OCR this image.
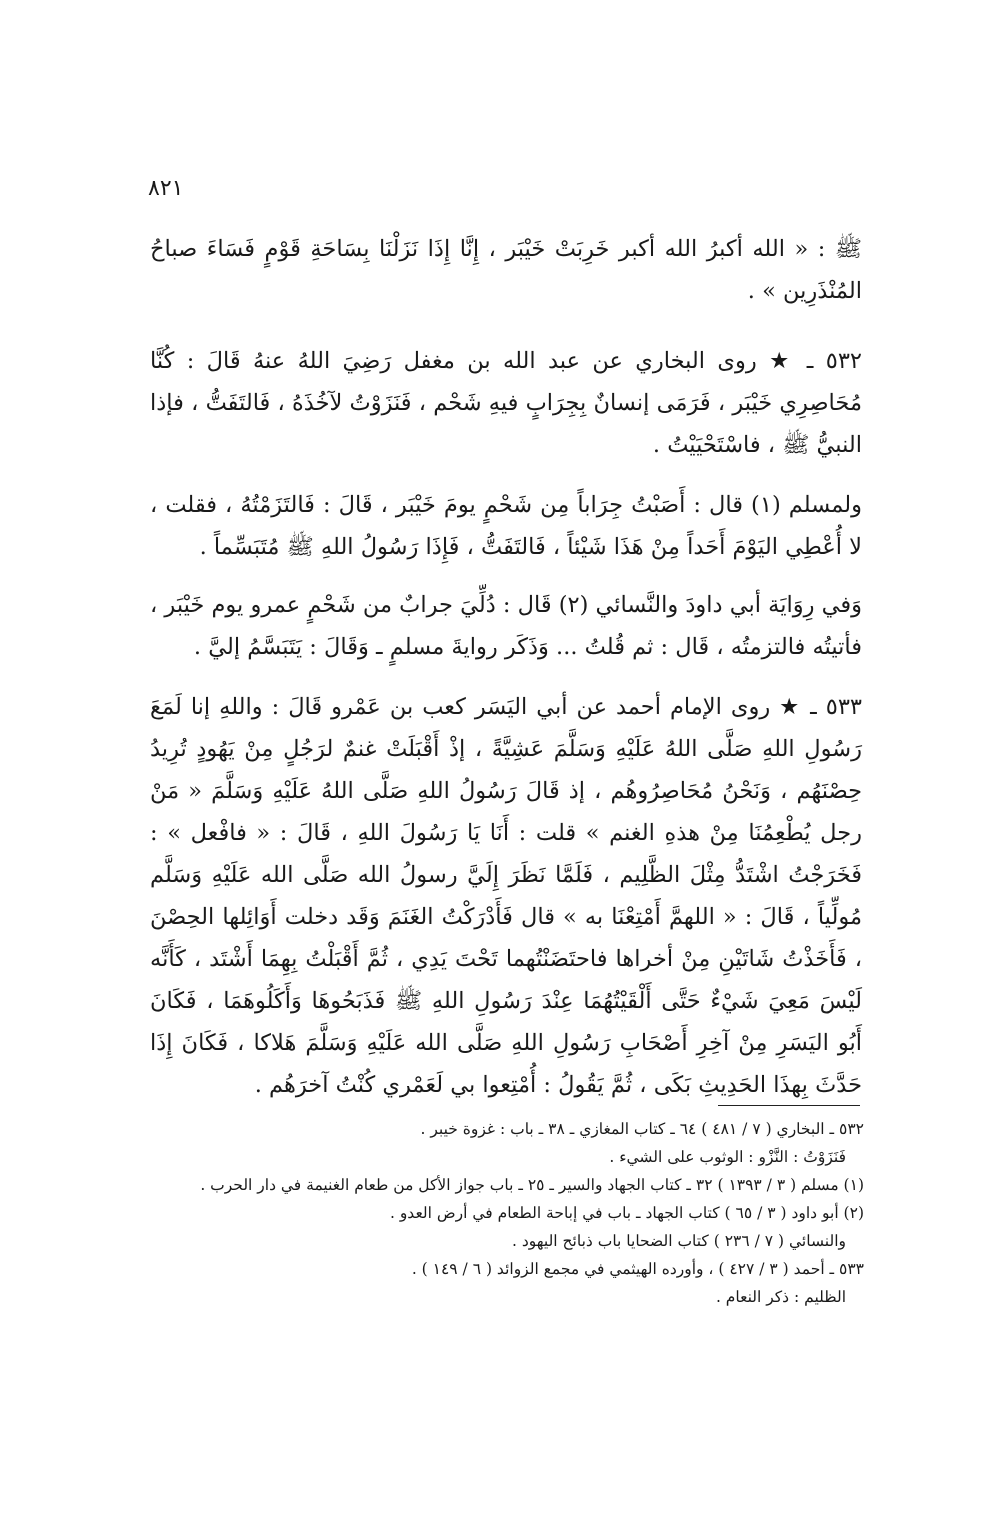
٨٢١

ﷺ : « الله أكبرُ الله أكبر خَرِبَتْ خَيْبَر ، إِنَّا إِذَا نَزَلْنَا بِسَاحَةِ قَوْمٍ فَسَاءَ صباحُ المُنْذَرِين » .

٥٣٢ ـ ★ روى البخاري عن عبد الله بن مغفل رَضِيَ اللهُ عنهُ قَالَ : كُنَّا مُحَاصِرِي خَيْبَر ، فَرَمَى إنسانٌ بِجِرَابٍ فيهِ شَحْم ، فَنَزَوْتُ لآخُذَهُ ، فَالتَفَتُّ ، فإذا النبيُّ ﷺ ، فاسْتَحْيَيْتُ .

ولمسلم (١) قال : أَصَبْتُ جِرَاباً مِن شَحْمٍ يومَ خَيْبَر ، قَالَ : فَالتَزَمْتُهُ ، فقلت ، لا أُعْطِي اليَوْمَ أَحَداً مِنْ هَذَا شَيْئاً ، فَالتَفَتُّ ، فَإِذَا رَسُولُ اللهِ ﷺ مُتَبَسِّماً .

وَفي رِوَايَة أبي داودَ والنَّسائي (٢) قَال : دُلِّيَ جرابٌ من شَحْمٍ عمرو يوم خَيْبَر ، فأتيتُه فالتزمتُه ، قَال : ثم قُلتُ ... وَذَكَر روايةَ مسلمٍ ـ وَقَالَ : يَتَبَسَّمُ إليَّ .

٥٣٣ ـ ★ روى الإمام أحمد عن أبي اليَسَر كعب بن عَمْرو قَالَ : واللهِ إنا لَمَعَ رَسُولِ اللهِ صَلَّى اللهُ عَلَيْهِ وَسَلَّمَ عَشِيَّةً ، إذْ أَقْبَلَتْ غنمٌ لرَجُلٍ مِنْ يَهُودٍ تُرِيدُ حِصْنَهُم ، وَنَحْنُ مُحَاصِرُوهُم ، إذ قَالَ رَسُولُ اللهِ صَلَّى اللهُ عَلَيْهِ وَسَلَّمَ « مَنْ رجل يُطْعِمُنَا مِنْ هذهِ الغنم » قلت : أَنَا يَا رَسُولَ اللهِ ، قَالَ : « فافْعل » : فَخَرَجْتُ اشْتَدُّ مِثْلَ الظَّلِيم ، فَلَمَّا نَظَرَ إِلَيَّ رسولُ الله صَلَّى الله عَلَيْهِ وَسَلَّم مُولِّياً ، قَالَ : « اللهمَّ أَمْتِعْنَا به » قال فَأَدْرَكْتُ الغَنَمَ وَقَد دخلت أَوَائِلها الحِصْنَ ، فَأَخَذْتُ شَاتَيْنِ مِنْ أخراها فاحتَضَنْتُهما تَحْتَ يَدِي ، ثُمَّ أَقْبَلْتُ بِهِمَا أَشْتَد ، كَأَنَّه لَيْسَ مَعِيَ شَيْءٌ حَتَّى أَلْقَيْتُهُمَا عِنْدَ رَسُولِ اللهِ ﷺ فَذَبَحُوهَا وَأَكَلُوهَمَا ، فَكَانَ أَبُو اليَسَرِ مِنْ آخِرِ أَصْحَابِ رَسُولِ اللهِ صَلَّى الله عَلَيْهِ وَسَلَّمَ هَلاكا ، فَكَانَ إِذَا حَدَّثَ بِهذَا الحَدِيثِ بَكَى ، ثُمَّ يَقُولُ : أُمْتِعوا بي لَعَمْري كُنْتُ آخرَهُم .

٥٣٢ ـ البخاري ( ٧ / ٤٨١ ) ٦٤ ـ كتاب المغازي ـ ٣٨ ـ باب : غزوة خيبر .
فَنَزَوْتُ : النَّزْو : الوثوب على الشيء .
(١) مسلم ( ٣ / ١٣٩٣ ) ٣٢ ـ كتاب الجهاد والسير ـ ٢٥ ـ باب جواز الأكل من طعام الغنيمة في دار الحرب .
(٢) أبو داود ( ٣ / ٦٥ ) كتاب الجهاد ـ باب في إباحة الطعام في أرض العدو .
والنسائي ( ٧ / ٢٣٦ ) كتاب الضحايا باب ذبائح اليهود .
٥٣٣ ـ أحمد ( ٣ / ٤٢٧ ) ، وأورده الهيثمي في مجمع الزوائد ( ٦ / ١٤٩ ) .
الظليم : ذكر النعام .
